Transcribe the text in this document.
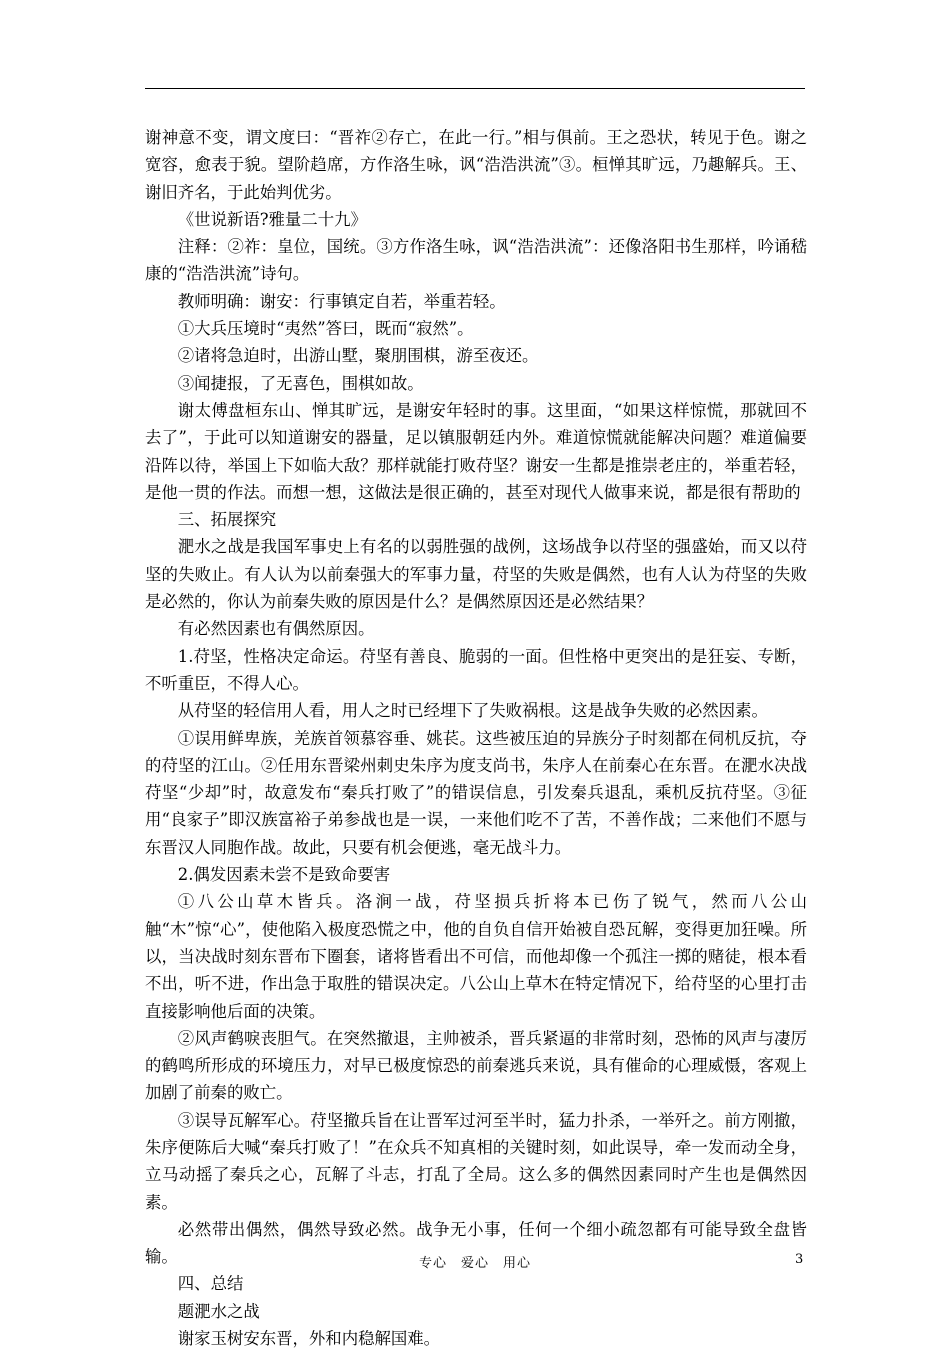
谢神意不变，谓文度曰：“晋祚②存亡，在此一行。”相与俱前。王之恐状，转见于色。谢之宽容，愈表于貌。望阶趋席，方作洛生咏，讽“浩浩洪流”③。桓惮其旷远，乃趣解兵。王、谢旧齐名，于此始判优劣。

《世说新语?雅量二十九》

注释：②祚：皇位，国统。③方作洛生咏，讽“浩浩洪流”：还像洛阳书生那样，吟诵嵇康的“浩浩洪流”诗句。

教师明确：谢安：行事镇定自若，举重若轻。

①大兵压境时“夷然”答曰，既而“寂然”。

②诸将急迫时，出游山墅，聚朋围棋，游至夜还。

③闻捷报，了无喜色，围棋如故。

谢太傅盘桓东山、惮其旷远，是谢安年轻时的事。这里面，“如果这样惊慌，那就回不去了”，于此可以知道谢安的器量，足以镇服朝廷内外。难道惊慌就能解决问题？难道偏要沿阵以待，举国上下如临大敌？那样就能打败苻坚？谢安一生都是推崇老庄的，举重若轻，是他一贯的作法。而想一想，这做法是很正确的，甚至对现代人做事来说，都是很有帮助的

三、拓展探究

淝水之战是我国军事史上有名的以弱胜强的战例，这场战争以苻坚的强盛始，而又以苻坚的失败止。有人认为以前秦强大的军事力量，苻坚的失败是偶然，也有人认为苻坚的失败是必然的，你认为前秦失败的原因是什么？是偶然原因还是必然结果？

有必然因素也有偶然原因。

1.苻坚，性格决定命运。苻坚有善良、脆弱的一面。但性格中更突出的是狂妄、专断，不听重臣，不得人心。

从苻坚的轻信用人看，用人之时已经埋下了失败祸根。这是战争失败的必然因素。

①误用鲜卑族，羌族首领慕容垂、姚苌。这些被压迫的异族分子时刻都在伺机反抗，夺的苻坚的江山。②任用东晋梁州刺史朱序为度支尚书，朱序人在前秦心在东晋。在淝水决战苻坚“少却”时，故意发布“秦兵打败了”的错误信息，引发秦兵退乱，乘机反抗苻坚。③征用“良家子”即汉族富裕子弟参战也是一误，一来他们吃不了苦，不善作战；二来他们不愿与东晋汉人同胞作战。故此，只要有机会便逃，毫无战斗力。

2.偶发因素未尝不是致命要害

①八公山草木皆兵。洛涧一战，苻坚损兵折将本已伤了锐气，然而八公山触“木”惊“心”，使他陷入极度恐慌之中，他的自负自信开始被自恐瓦解，变得更加狂噪。所以，当决战时刻东晋布下圈套，诸将皆看出不可信，而他却像一个孤注一掷的赌徒，根本看不出，听不进，作出急于取胜的错误决定。八公山上草木在特定情况下，给苻坚的心里打击直接影响他后面的决策。

②风声鹤唳丧胆气。在突然撤退，主帅被杀，晋兵紧逼的非常时刻，恐怖的风声与凄厉的鹤鸣所形成的环境压力，对早已极度惊恐的前秦逃兵来说，具有催命的心理威慑，客观上加剧了前秦的败亡。

③误导瓦解军心。苻坚撤兵旨在让晋军过河至半时，猛力扑杀，一举歼之。前方刚撤，朱序便陈后大喊“秦兵打败了！”在众兵不知真相的关键时刻，如此误导，牵一发而动全身，立马动摇了秦兵之心，瓦解了斗志，打乱了全局。这么多的偶然因素同时产生也是偶然因素。

必然带出偶然，偶然导致必然。战争无小事，任何一个细小疏忽都有可能导致全盘皆输。

四、总结

题淝水之战

谢家玉树安东晋，外和内稳解国难。

专心　爱心　用心	3
